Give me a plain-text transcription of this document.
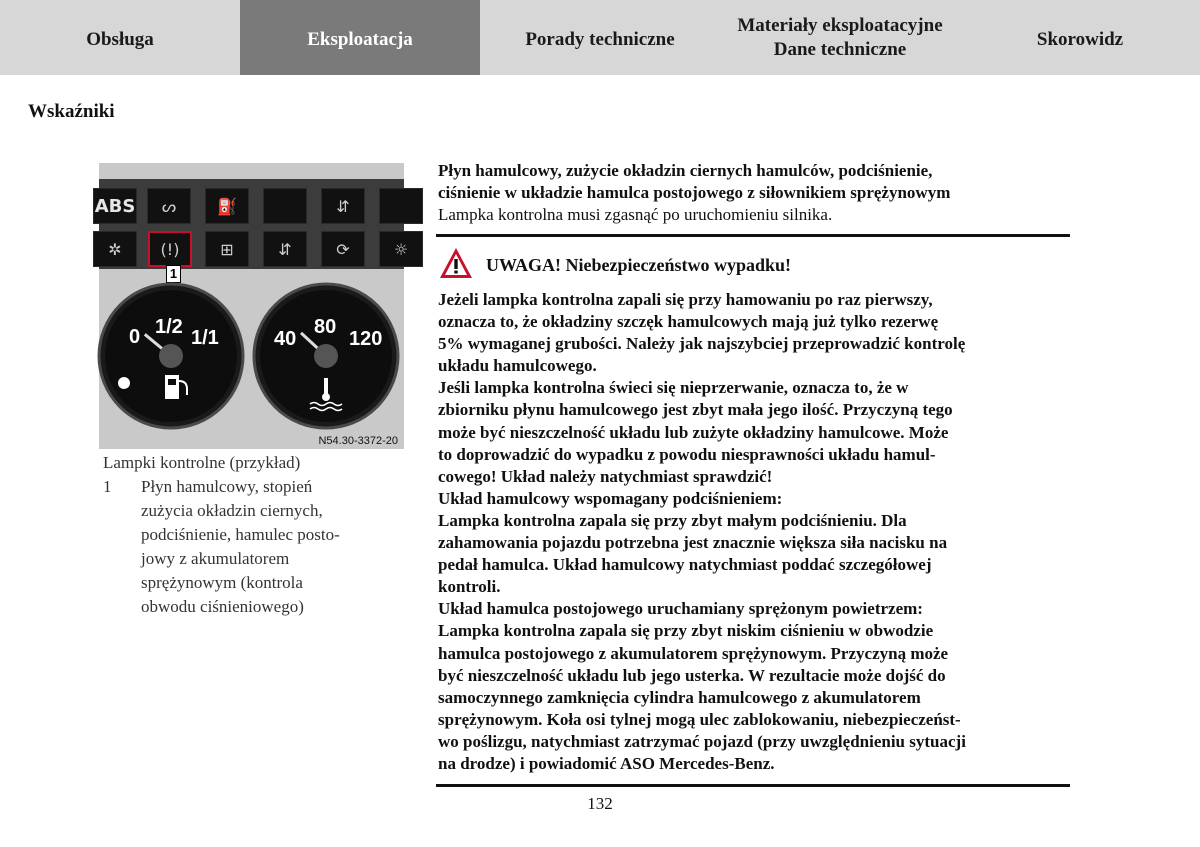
Obsługa	Eksploatacja	Porady techniczne
Materiały eksploatacyjne
Dane techniczne	Skorowidz
Wskaźniki
ABS	ᔕ	⛽	⇵
✲	(!)	⊞	⇵	⟳	☼
1
0 1/2 1/1	40
80
120
N54.30-3372-20
Lampki kontrolne (przykład)
1	Płyn hamulcowy, stopień
zużycia okładzin ciernych,
podciśnienie, hamulec posto-
jowy z akumulatorem
sprężynowym (kontrola
obwodu ciśnieniowego)
Płyn hamulcowy, zużycie okładzin ciernych hamulców, podciśnienie,
ciśnienie w układzie hamulca postojowego z siłownikiem sprężynowym
Lampka kontrolna musi zgasnąć po uruchomieniu silnika.
UWAGA! Niebezpieczeństwo wypadku!
Jeżeli lampka kontrolna zapali się przy hamowaniu po raz pierwszy,
oznacza to, że okładziny szczęk hamulcowych mają już tylko rezerwę
5% wymaganej grubości. Należy jak najszybciej przeprowadzić kontrolę
układu hamulcowego.
Jeśli lampka kontrolna świeci się nieprzerwanie, oznacza to, że w
zbiorniku płynu hamulcowego jest zbyt mała jego ilość. Przyczyną tego
może być nieszczelność układu lub zużyte okładziny hamulcowe. Może
to doprowadzić do wypadku z powodu niesprawności układu hamul-
cowego! Układ należy natychmiast sprawdzić!
Układ hamulcowy wspomagany podciśnieniem:
Lampka kontrolna zapala się przy zbyt małym podciśnieniu. Dla
zahamowania pojazdu potrzebna jest znacznie większa siła nacisku na
pedał hamulca. Układ hamulcowy natychmiast poddać szczegółowej
kontroli.
Układ hamulca postojowego uruchamiany sprężonym powietrzem:
Lampka kontrolna zapala się przy zbyt niskim ciśnieniu w obwodzie
hamulca postojowego z akumulatorem sprężynowym. Przyczyną może
być nieszczelność układu lub jego usterka. W rezultacie może dojść do
samoczynnego zamknięcia cylindra hamulcowego z akumulatorem
sprężynowym. Koła osi tylnej mogą ulec zablokowaniu, niebezpieczeńst-
wo poślizgu, natychmiast zatrzymać pojazd (przy uwzględnieniu sytuacji
na drodze) i powiadomić ASO Mercedes-Benz.
132
